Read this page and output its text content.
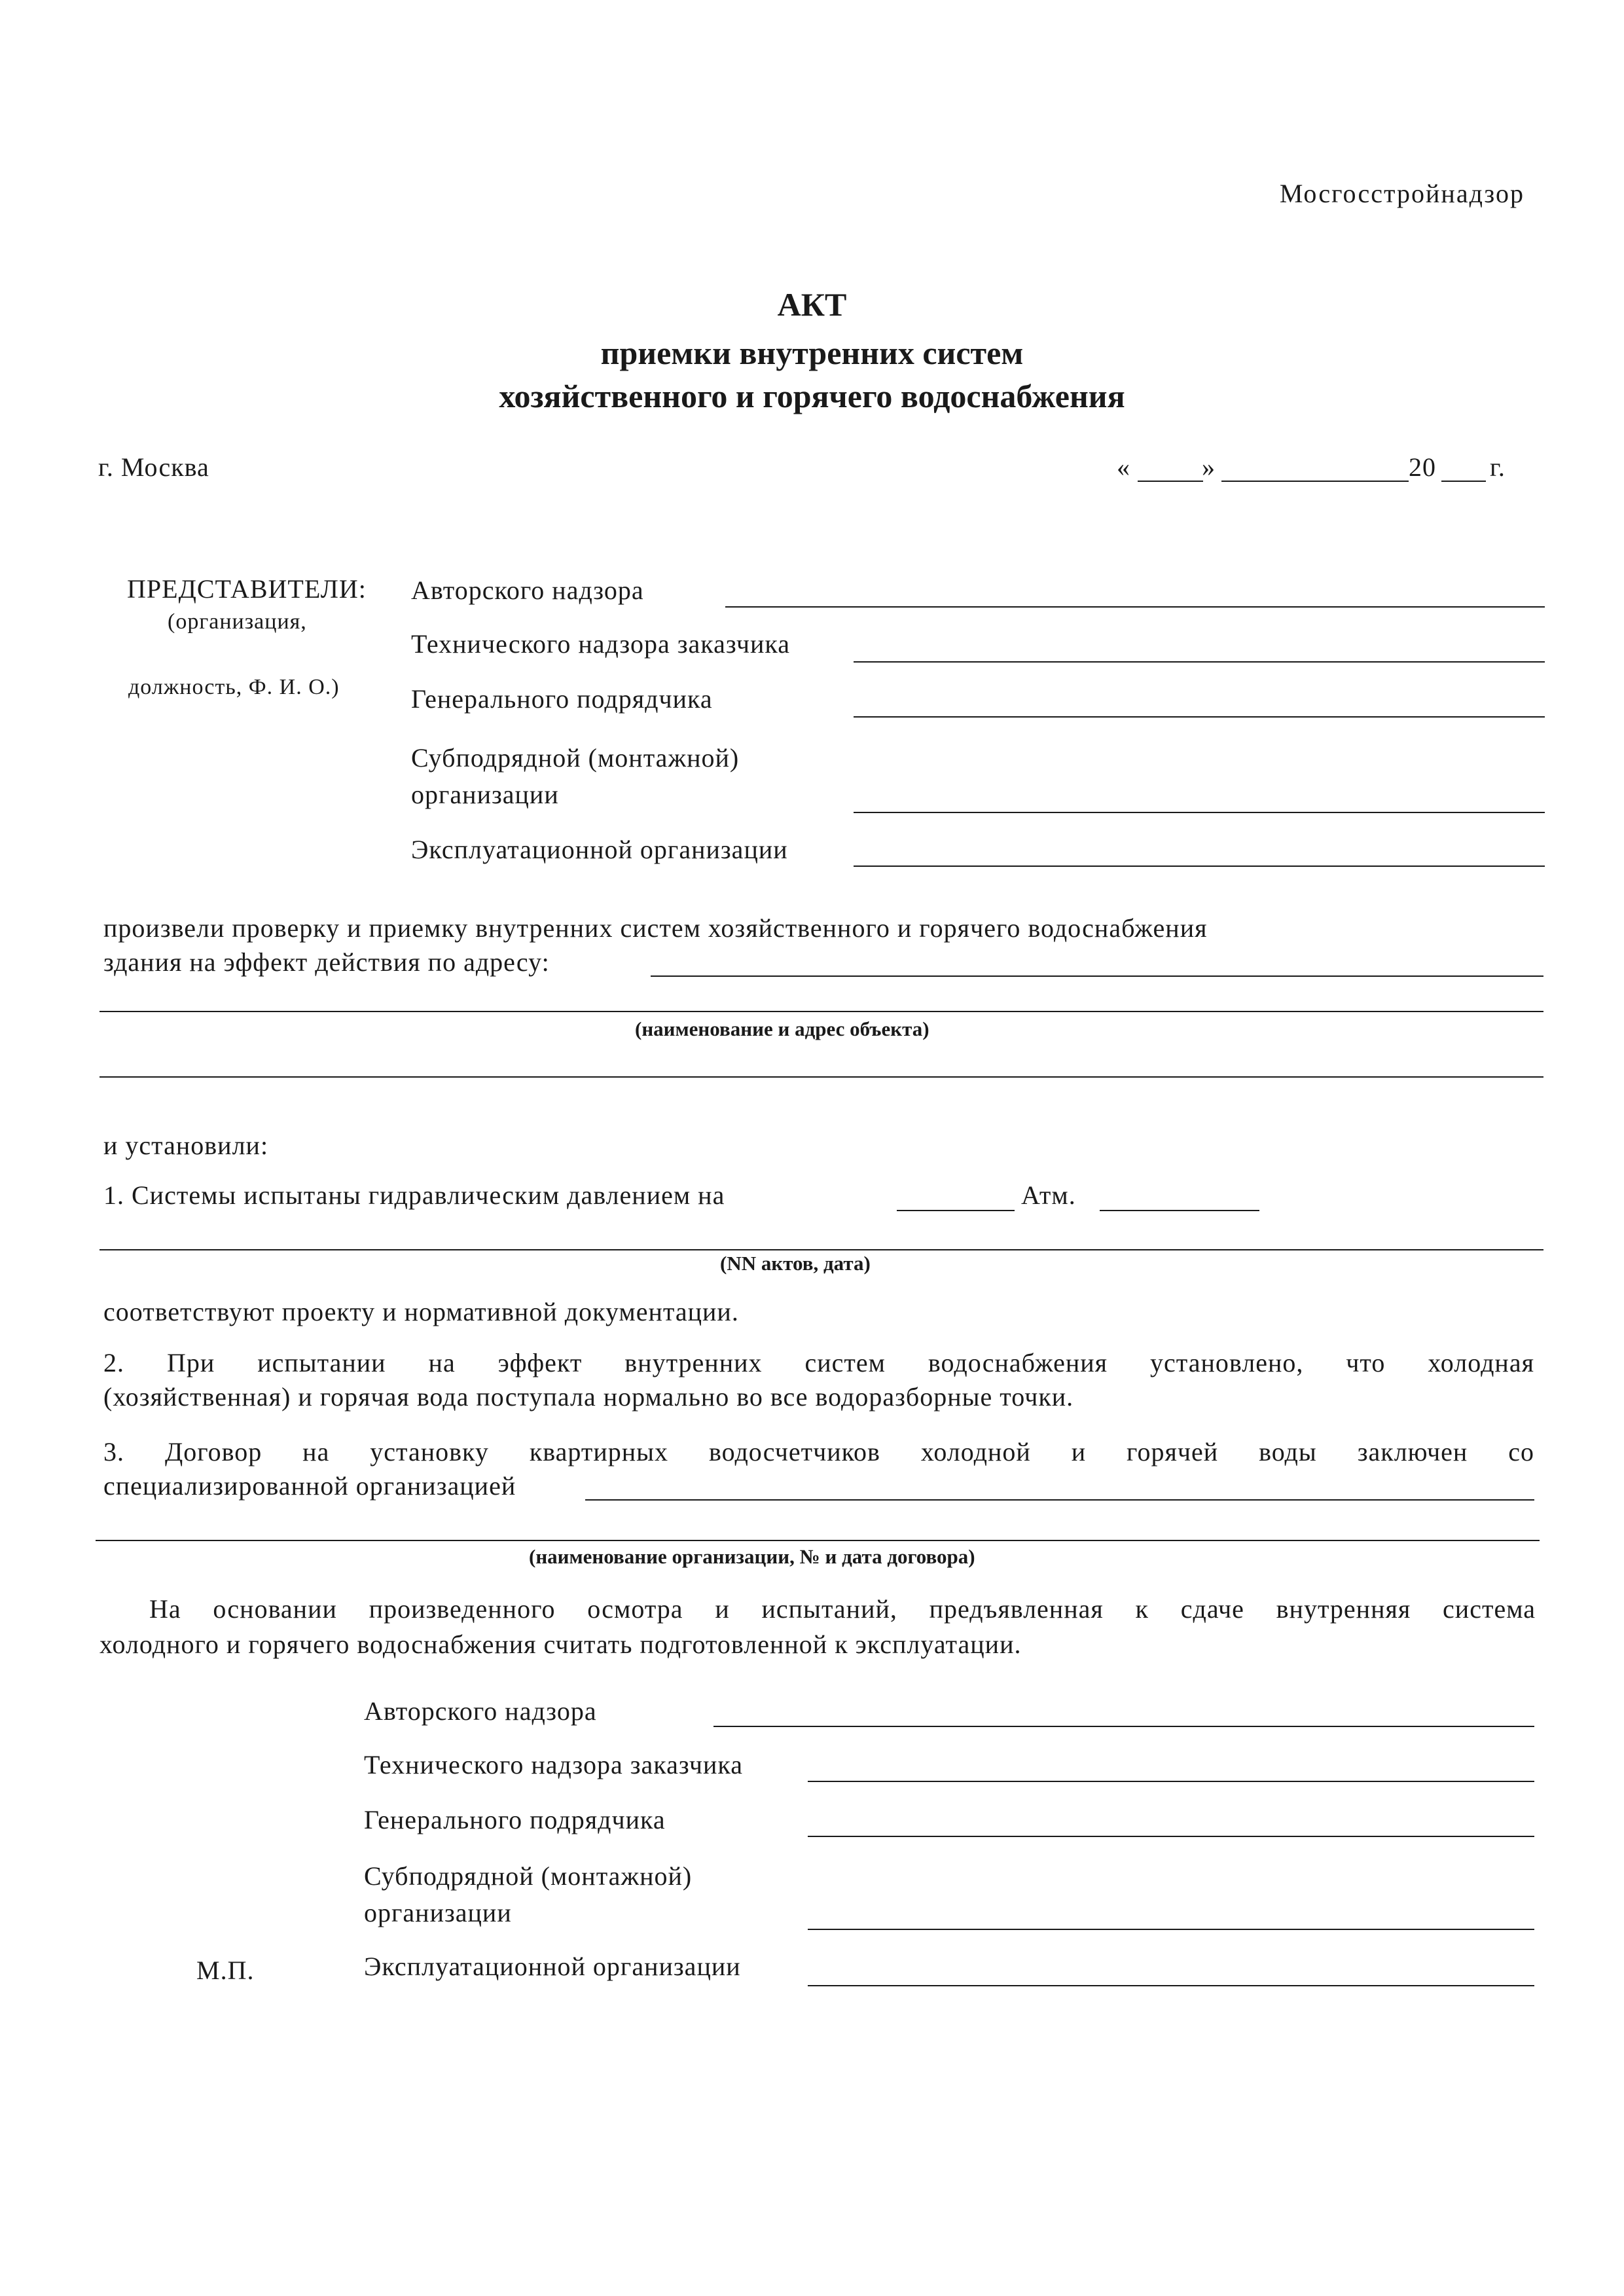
Мосгосстройнадзор
АКТ
приемки внутренних систем
хозяйственного и горячего водоснабжения
г. Москва	«	»	20 г.
ПРЕДСТАВИТЕЛИ:
(организация,
должность, Ф. И. О.)
Авторского надзора
Технического надзора заказчика
Генерального подрядчика
Субподрядной (монтажной)
организации
Эксплуатационной организации
произвели проверку и приемку внутренних систем хозяйственного и горячего водоснабжения
здания на эффект действия по адресу:
(наименование и адрес объекта)
и установили:
1. Системы испытаны гидравлическим давлением на	Атм.
(NN актов, дата)
соответствуют проекту и нормативной документации.
2. При испытании на эффект внутренних систем водоснабжения установлено, что холодная
(хозяйственная) и горячая вода поступала нормально во все водоразборные точки.
3. Договор на установку квартирных водосчетчиков холодной и горячей воды заключен со
специализированной организацией
(наименование организации, № и дата договора)
На основании произведенного осмотра и испытаний, предъявленная к сдаче внутренняя система
холодного и горячего водоснабжения считать подготовленной к эксплуатации.
Авторского надзора
Технического надзора заказчика
Генерального подрядчика
Субподрядной (монтажной)
организации
М.П.	Эксплуатационной организации
